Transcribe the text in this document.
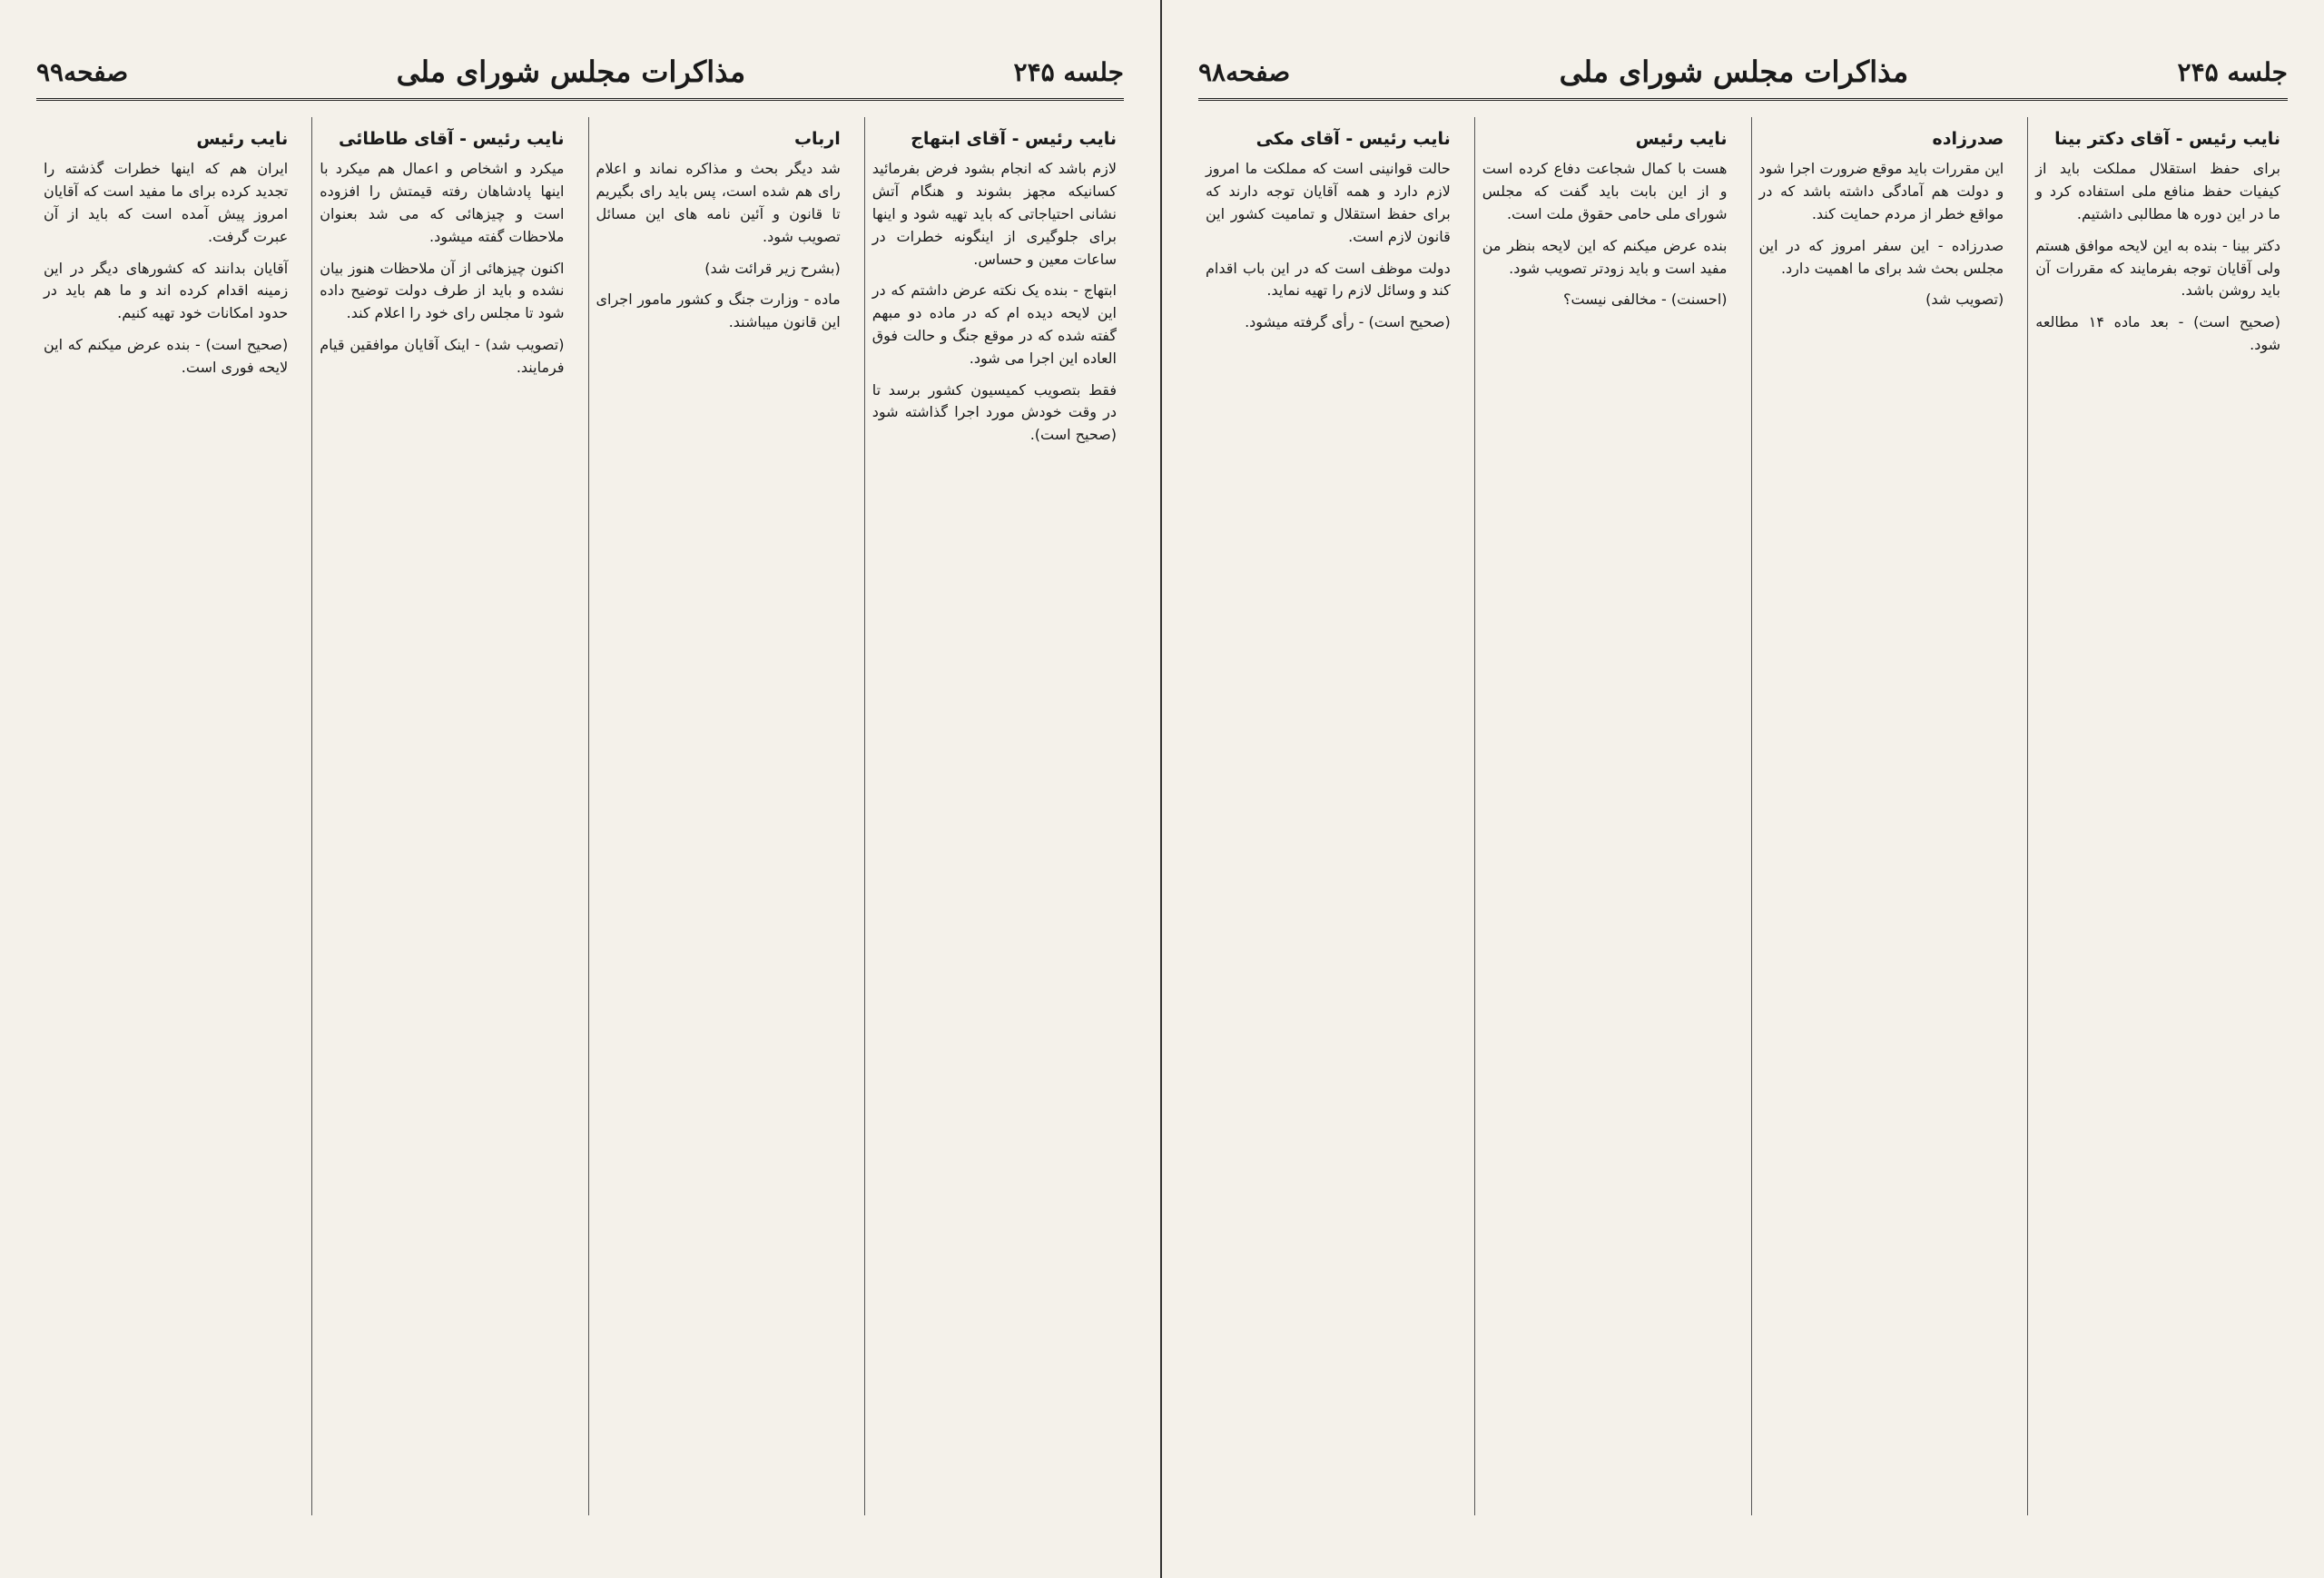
جلسه ۲۴۵
مذاکرات مجلس شورای ملی
صفحه۹۹
نایب رئیس - آقای ابتهاج

لازم باشد که انجام بشود فرض بفرمائید کسانیکه مجهز بشوند و هنگام آتش نشانی احتیاجاتی که باید تهیه شود و اینها برای جلوگیری از اینگونه خطرات در ساعات معین و حساس.

ابتهاج - بنده یک نکته عرض داشتم که در این لایحه دیده ام که در ماده دو مبهم گفته شده که در موقع جنگ و حالت فوق العاده این اجرا می شود.

فقط بتصویب کمیسیون کشور برسد تا در وقت خودش مورد اجرا گذاشته شود (صحیح است).

ارباب

شد دیگر بحث و مذاکره نماند و اعلام رای هم شده است، پس باید رای بگیریم تا قانون و آئین نامه های این مسائل تصویب شود.

(بشرح زیر قرائت شد)

ماده - وزارت جنگ و کشور مامور اجرای این قانون میباشند.

نایب رئیس - آقای طاطائی

میکرد و اشخاص و اعمال هم میکرد با اینها پادشاهان رفته قیمتش را افزوده است و چیزهائی که می شد بعنوان ملاحظات گفته میشود.

اکنون چیزهائی از آن ملاحظات هنوز بیان نشده و باید از طرف دولت توضیح داده شود تا مجلس رای خود را اعلام کند.

(تصویب شد) - اینک آقایان موافقین قیام فرمایند.

نایب رئیس

ایران هم که اینها خطرات گذشته را تجدید کرده برای ما مفید است که آقایان امروز پیش آمده است که باید از آن عبرت گرفت.

آقایان بدانند که کشورهای دیگر در این زمینه اقدام کرده اند و ما هم باید در حدود امکانات خود تهیه کنیم.

(صحیح است) - بنده عرض میکنم که این لایحه فوری است.

جلسه ۲۴۵
مذاکرات مجلس شورای ملی
صفحه۹۸
نایب رئیس - آقای دکتر بینا

برای حفظ استقلال مملکت باید از کیفیات حفظ منافع ملی استفاده کرد و ما در این دوره ها مطالبی داشتیم.

دکتر بینا - بنده به این لایحه موافق هستم ولی آقایان توجه بفرمایند که مقررات آن باید روشن باشد.

(صحیح است) - بعد ماده ۱۴ مطالعه شود.

صدرزاده

این مقررات باید موقع ضرورت اجرا شود و دولت هم آمادگی داشته باشد که در مواقع خطر از مردم حمایت کند.

صدرزاده - این سفر امروز که در این مجلس بحث شد برای ما اهمیت دارد.

(تصویب شد)

نایب رئیس

هست با کمال شجاعت دفاع کرده است و از این بابت باید گفت که مجلس شورای ملی حامی حقوق ملت است.

بنده عرض میکنم که این لایحه بنظر من مفید است و باید زودتر تصویب شود.

(احسنت) - مخالفی نیست؟

نایب رئیس - آقای مکی

حالت قوانینی است که مملکت ما امروز لازم دارد و همه آقایان توجه دارند که برای حفظ استقلال و تمامیت کشور این قانون لازم است.

دولت موظف است که در این باب اقدام کند و وسائل لازم را تهیه نماید.

(صحیح است) - رأی گرفته میشود.
